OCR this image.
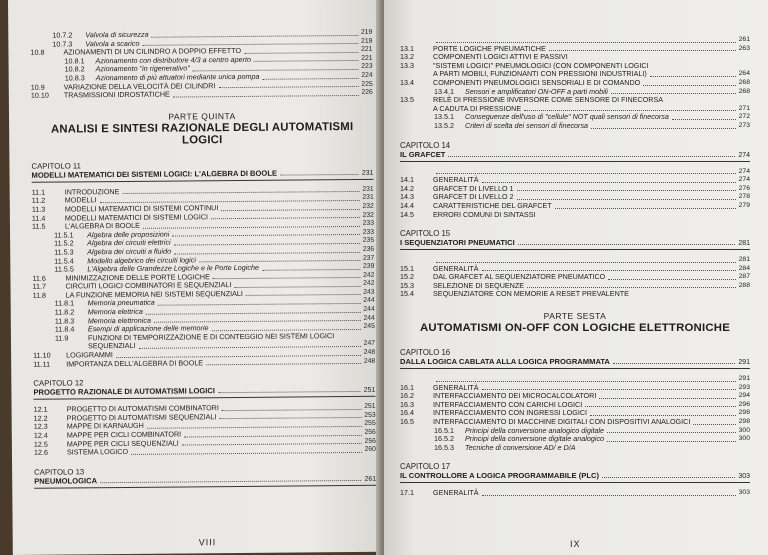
10.7.2	Valvola di sicurezza	219
10.7.3	Valvola a scarico	219
10.8	AZIONAMENTI DI UN CILINDRO A DOPPIO EFFETTO	221
10.8.1	Azionamento con distributore 4/3 a centro aperto	221
10.8.2	Azionamento "in rigenerativo"	223
10.8.3	Azionamento di più attuatori mediante unica pompa	224
10.9	VARIAZIONE DELLA VELOCITÀ DEI CILINDRI	225
10.10	TRASMISSIONI IDROSTATICHE	226
PARTE QUINTA
ANALISI E SINTESI RAZIONALE DEGLI AUTOMATISMI LOGICI
CAPITOLO 11
MODELLI MATEMATICI DEI SISTEMI LOGICI: L'ALGEBRA DI BOOLE	231
11.1	INTRODUZIONE	231
11.2	MODELLI	231
11.3	MODELLI MATEMATICI DI SISTEMI CONTINUI	232
11.4	MODELLI MATEMATICI DI SISTEMI LOGICI	232
11.5	L'ALGEBRA DI BOOLE	233
11.5.1	Algebra delle proposizioni	233
11.5.2	Algebra dei circuiti elettrici	235
11.5.3	Algebra dei circuiti a fluido	236
11.5.4	Modello algebrico dei circuiti logici	237
11.5.5	L'Algebra delle Grandezze Logiche e le Porte Logiche	239
11.6	MINIMIZZAZIONE DELLE PORTE LOGICHE	242
11.7	CIRCUITI LOGICI COMBINATORI E SEQUENZIALI	242
11.8	LA FUNZIONE MEMORIA NEI SISTEMI SEQUENZIALI	243
11.8.1	Memoria pneumatica	244
11.8.2	Memoria elettrica	244
11.8.3	Memoria elettronica	244
11.8.4	Esempi di applicazione delle memorie	245
11.9	FUNZIONI DI TEMPORIZZAZIONE E DI CONTEGGIO NEI SISTEMI LOGICI
SEQUENZIALI	247
11.10	LOGIGRAMMI	248
11.11	IMPORTANZA DELL'ALGEBRA DI BOOLE	248
CAPITOLO 12
PROGETTO RAZIONALE DI AUTOMATISMI LOGICI	251
12.1	PROGETTO DI AUTOMATISMI COMBINATORI	251
12.2	PROGETTO DI AUTOMATISMI SEQUENZIALI	253
12.3	MAPPE DI KARNAUGH	255
12.4	MAPPE PER CICLI COMBINATORI	256
12.5	MAPPE PER CICLI SEQUENZIALI	256
12.6	SISTEMA LOGICO	260
CAPITOLO 13
PNEUMOLOGICA	261
VIII
261
13.1	PORTE LOGICHE PNEUMATICHE	263
13.2	COMPONENTI LOGICI ATTIVI E PASSIVI
13.3	"SISTEMI LOGICI" PNEUMOLOGICI (CON COMPONENTI LOGICI
A PARTI MOBILI, FUNZIONANTI CON PRESSIONI INDUSTRIALI)	264
13.4	COMPONENTI PNEUMOLOGICI SENSORIALI E DI COMANDO	268
13.4.1	Sensori e amplificatori ON-OFF a parti mobili	268
13.5	RELÈ DI PRESSIONE INVERSORE COME SENSORE DI FINECORSA
A CADUTA DI PRESSIONE	271
13.5.1	Conseguenze dell'uso di "cellule" NOT quali sensori di finecorsa	272
13.5.2	Criteri di scelta dei sensori di finecorsa	273
CAPITOLO 14
IL GRAFCET	274
274
14.1	GENERALITÀ	274
14.2	GRAFCET DI LIVELLO 1	276
14.3	GRAFCET DI LIVELLO 2	278
14.4	CARATTERISTICHE DEL GRAFCET	279
14.5	ERRORI COMUNI DI SINTASSI
CAPITOLO 15
I SEQUENZIATORI PNEUMATICI	281
281
15.1	GENERALITÀ	284
15.2	DAL GRAFCET AL SEQUENZIATORE PNEUMATICO	287
15.3	SELEZIONE DI SEQUENZE	288
15.4	SEQUENZIATORE CON MEMORIE A RESET PREVALENTE
PARTE SESTA
AUTOMATISMI ON-OFF CON LOGICHE ELETTRONICHE
CAPITOLO 16
DALLA LOGICA CABLATA ALLA LOGICA PROGRAMMATA	291
291
16.1	GENERALITÀ	293
16.2	INTERFACCIAMENTO DEI MICROCALCOLATORI	294
16.3	INTERFACCIAMENTO CON CARICHI LOGICI	296
16.4	INTERFACCIAMENTO CON INGRESSI LOGICI	298
16.5	INTERFACCIAMENTO DI MACCHINE DIGITALI CON DISPOSITIVI ANALOGICI	298
16.5.1	Principi della conversione analogico digitale	300
16.5.2	Principi della conversione digitale analogico	300
16.5.3	Tecniche di conversione AD/ e D/A
CAPITOLO 17
IL CONTROLLORE A LOGICA PROGRAMMABILE (PLC)	303
17.1	GENERALITÀ	303
IX
